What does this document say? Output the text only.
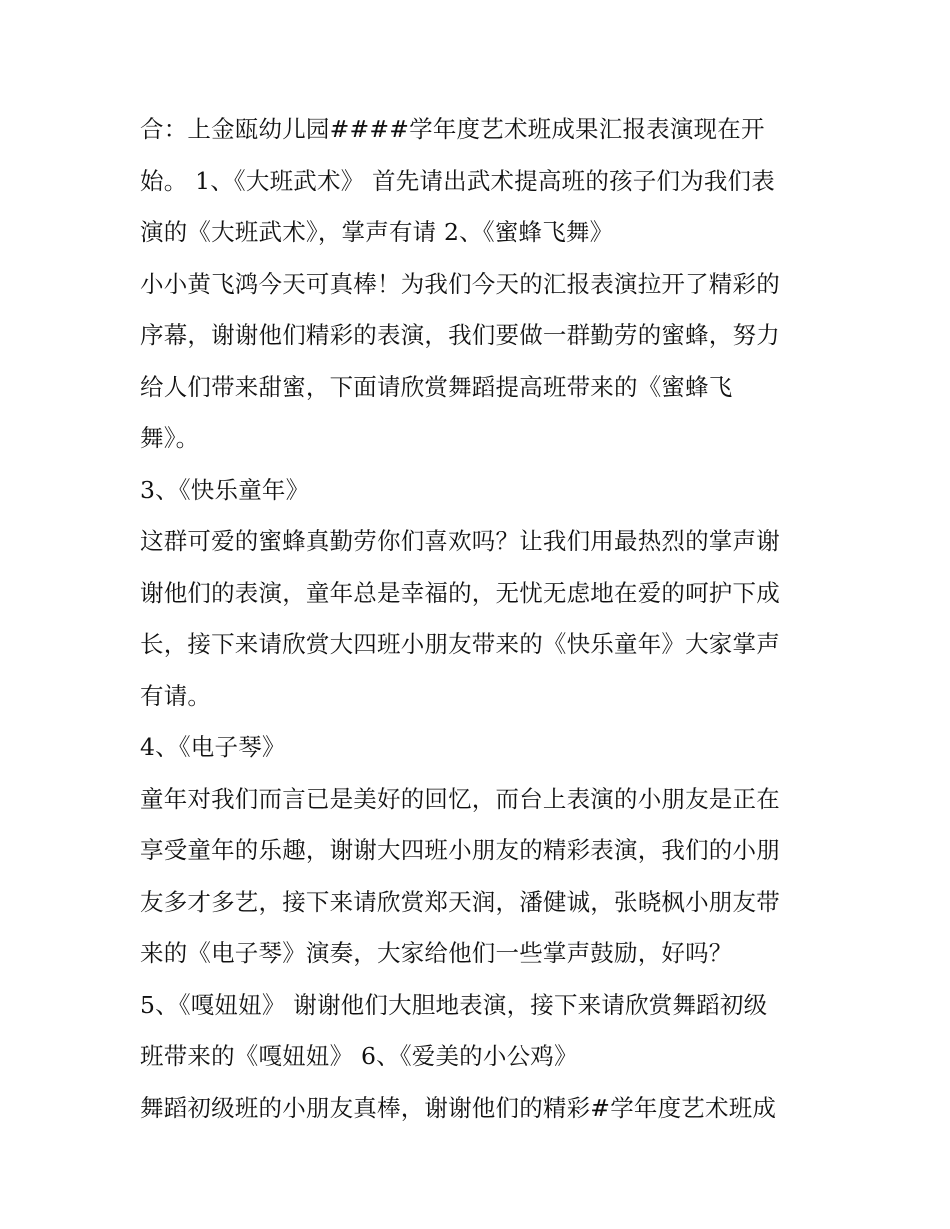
合：上金瓯幼儿园####学年度艺术班成果汇报表演现在开

始。 1、《大班武术》 首先请出武术提高班的孩子们为我们表

演的《大班武术》，掌声有请 2、《蜜蜂飞舞》

小小黄飞鸿今天可真棒！为我们今天的汇报表演拉开了精彩的

序幕，谢谢他们精彩的表演，我们要做一群勤劳的蜜蜂，努力

给人们带来甜蜜，下面请欣赏舞蹈提高班带来的《蜜蜂飞

舞》。

3、《快乐童年》

这群可爱的蜜蜂真勤劳你们喜欢吗？让我们用最热烈的掌声谢

谢他们的表演，童年总是幸福的，无忧无虑地在爱的呵护下成

长，接下来请欣赏大四班小朋友带来的《快乐童年》大家掌声

有请。

4、《电子琴》

童年对我们而言已是美好的回忆，而台上表演的小朋友是正在

享受童年的乐趣，谢谢大四班小朋友的精彩表演，我们的小朋

友多才多艺，接下来请欣赏郑天润，潘健诚，张晓枫小朋友带

来的《电子琴》演奏，大家给他们一些掌声鼓励，好吗？

5、《嘎妞妞》 谢谢他们大胆地表演，接下来请欣赏舞蹈初级

班带来的《嘎妞妞》 6、《爱美的小公鸡》

舞蹈初级班的小朋友真棒，谢谢他们的精彩#学年度艺术班成
